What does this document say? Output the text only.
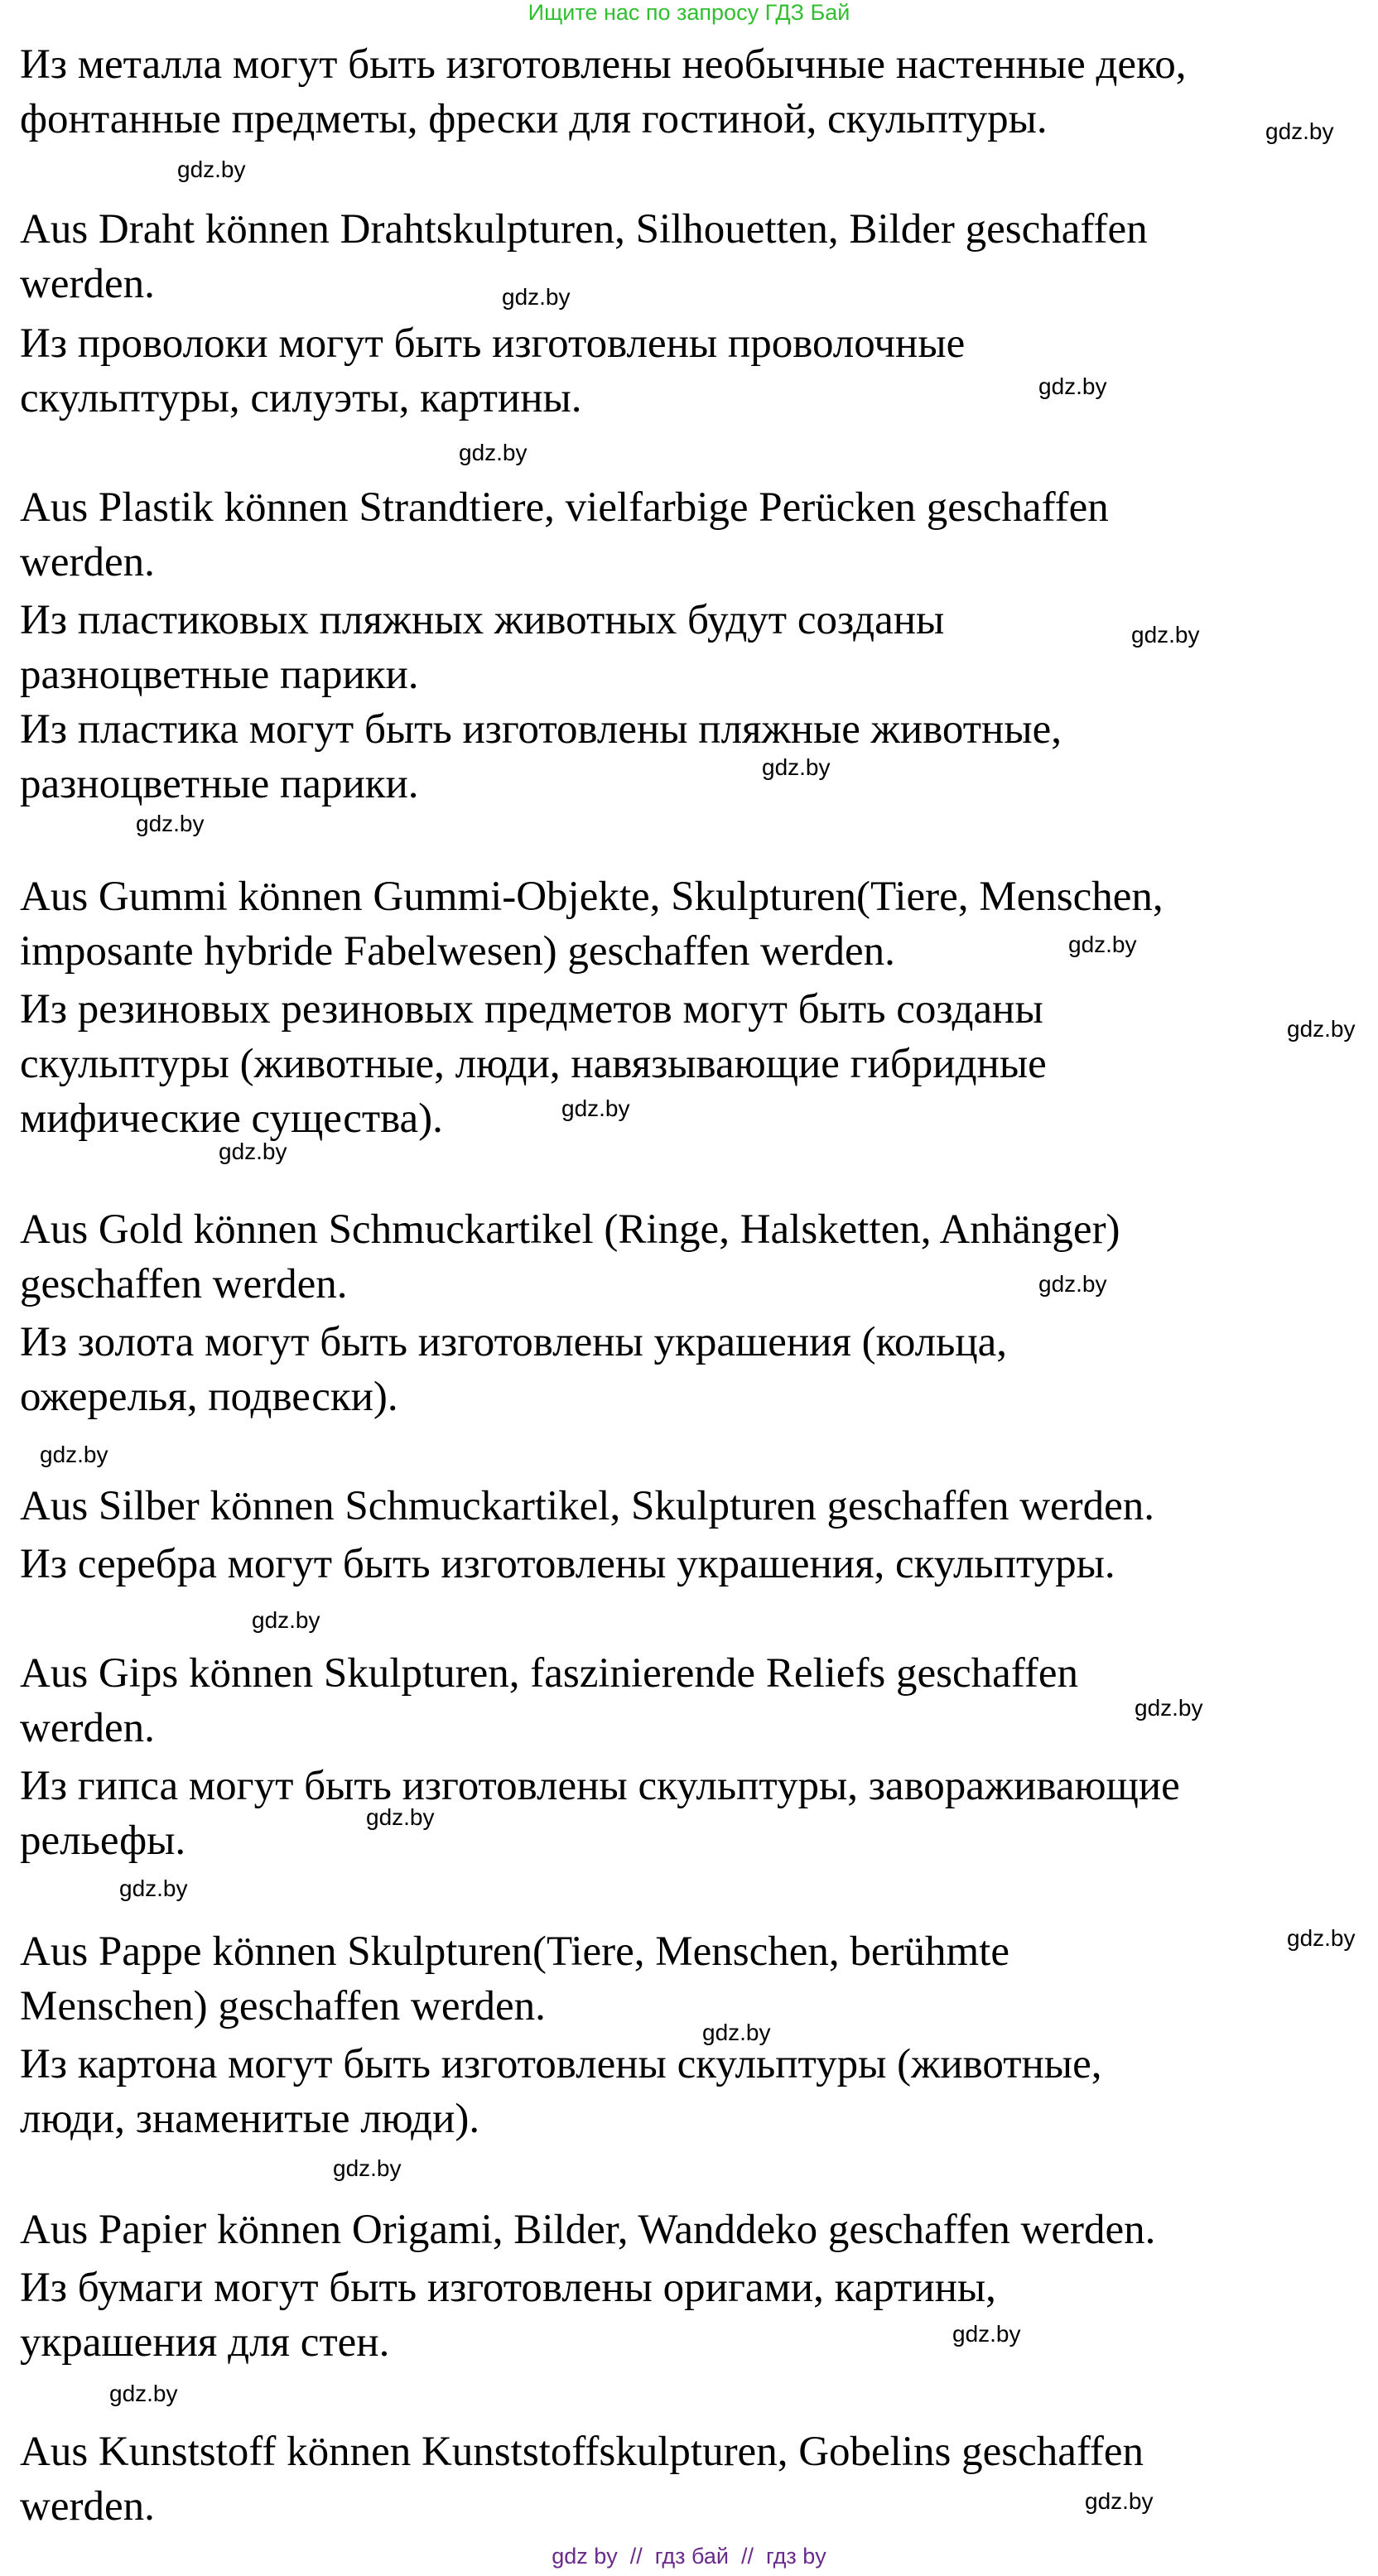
Ищите нас по запросу ГДЗ Бай
Из металла могут быть изготовлены необычные настенные деко,
фонтанные предметы, фрески для гостиной, скульптуры.
Aus Draht können Drahtskulpturen, Silhouetten, Bilder geschaffen
werden.
Из проволоки могут быть изготовлены проволочные
скульптуры, силуэты, картины.
Aus Plastik können Strandtiere, vielfarbige Perücken geschaffen
werden.
Из пластиковых пляжных животных будут созданы
разноцветные парики.
Из пластика могут быть изготовлены пляжные животные,
разноцветные парики.
Aus Gummi können Gummi-Objekte, Skulpturen(Tiere, Menschen,
imposante hybride Fabelwesen) geschaffen werden.
Из резиновых резиновых предметов могут быть созданы
скульптуры (животные, люди, навязывающие гибридные
мифические существа).
Aus Gold können Schmuckartikel (Ringe, Halsketten, Anhänger)
geschaffen werden.
Из золота могут быть изготовлены украшения (кольца,
ожерелья, подвески).
Aus Silber können Schmuckartikel, Skulpturen geschaffen werden.
Из серебра могут быть изготовлены украшения, скульптуры.
Aus Gips können Skulpturen, faszinierende Reliefs geschaffen
werden.
Из гипса могут быть изготовлены скульптуры, завораживающие
рельефы.
Aus Pappe können Skulpturen(Tiere, Menschen, berühmte
Menschen) geschaffen werden.
Из картона могут быть изготовлены скульптуры (животные,
люди, знаменитые люди).
Aus Papier können Origami, Bilder, Wanddeko geschaffen werden.
Из бумаги могут быть изготовлены оригами, картины,
украшения для стен.
Aus Kunststoff können Kunststoffskulpturen, Gobelins geschaffen
werden.
gdz.by
gdz.by
gdz.by
gdz.by
gdz.by
gdz.by
gdz.by
gdz.by
gdz.by
gdz.by
gdz.by
gdz.by
gdz.by
gdz.by
gdz.by
gdz.by
gdz.by
gdz.by
gdz.by
gdz.by
gdz.by
gdz.by
gdz.by
gdz.by
gdz by  //  гдз бай  //  гдз by
